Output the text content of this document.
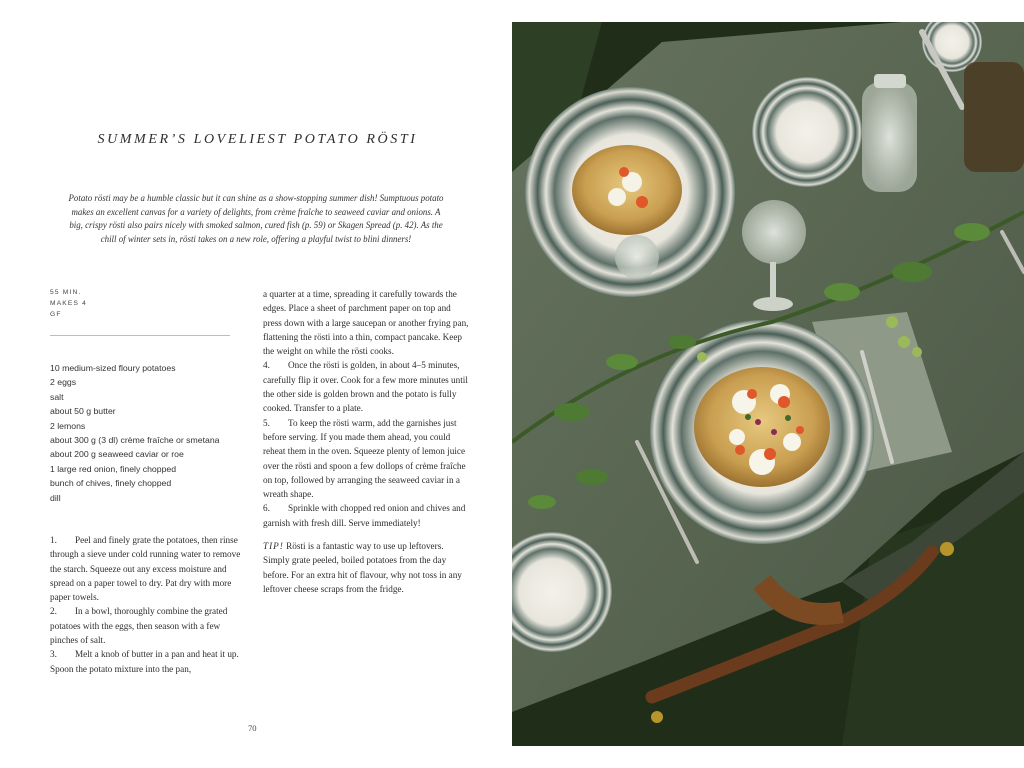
SUMMER’S LOVELIEST POTATO RÖSTI
Potato rösti may be a humble classic but it can shine as a show-stopping summer dish! Sumptuous potato makes an excellent canvas for a variety of delights, from crème fraîche to seaweed caviar and onions. A big, crispy rösti also pairs nicely with smoked salmon, cured fish (p. 59) or Skagen Spread (p. 42). As the chill of winter sets in, rösti takes on a new role, offering a playful twist to blini dinners!
55 MIN.
MAKES 4
GF
10 medium-sized floury potatoes
2 eggs
salt
about 50 g butter
2 lemons
about 300 g (3 dl) crème fraîche or smetana
about 200 g seaweed caviar or roe
1 large red onion, finely chopped
bunch of chives, finely chopped
dill

1. Peel and finely grate the potatoes, then rinse through a sieve under cold running water to remove the starch. Squeeze out any excess moisture and spread on a paper towel to dry. Pat dry with more paper towels.

2. In a bowl, thoroughly combine the grated potatoes with the eggs, then season with a few pinches of salt.

3. Melt a knob of butter in a pan and heat it up. Spoon the potato mixture into the pan,

a quarter at a time, spreading it carefully towards the edges. Place a sheet of parchment paper on top and press down with a large saucepan or another frying pan, flattening the rösti into a thin, compact pancake. Keep the weight on while the rösti cooks.

4. Once the rösti is golden, in about 4–5 minutes, carefully flip it over. Cook for a few more minutes until the other side is golden brown and the potato is fully cooked. Transfer to a plate.

5. To keep the rösti warm, add the garnishes just before serving. If you made them ahead, you could reheat them in the oven. Squeeze plenty of lemon juice over the rösti and spoon a few dollops of crème fraîche on top, followed by arranging the seaweed caviar in a wreath shape.

6. Sprinkle with chopped red onion and chives and garnish with fresh dill. Serve immediately!

TIP! Rösti is a fantastic way to use up leftovers. Simply grate peeled, boiled potatoes from the day before. For an extra hit of flavour, why not toss in any leftover cheese scraps from the fridge.

70
